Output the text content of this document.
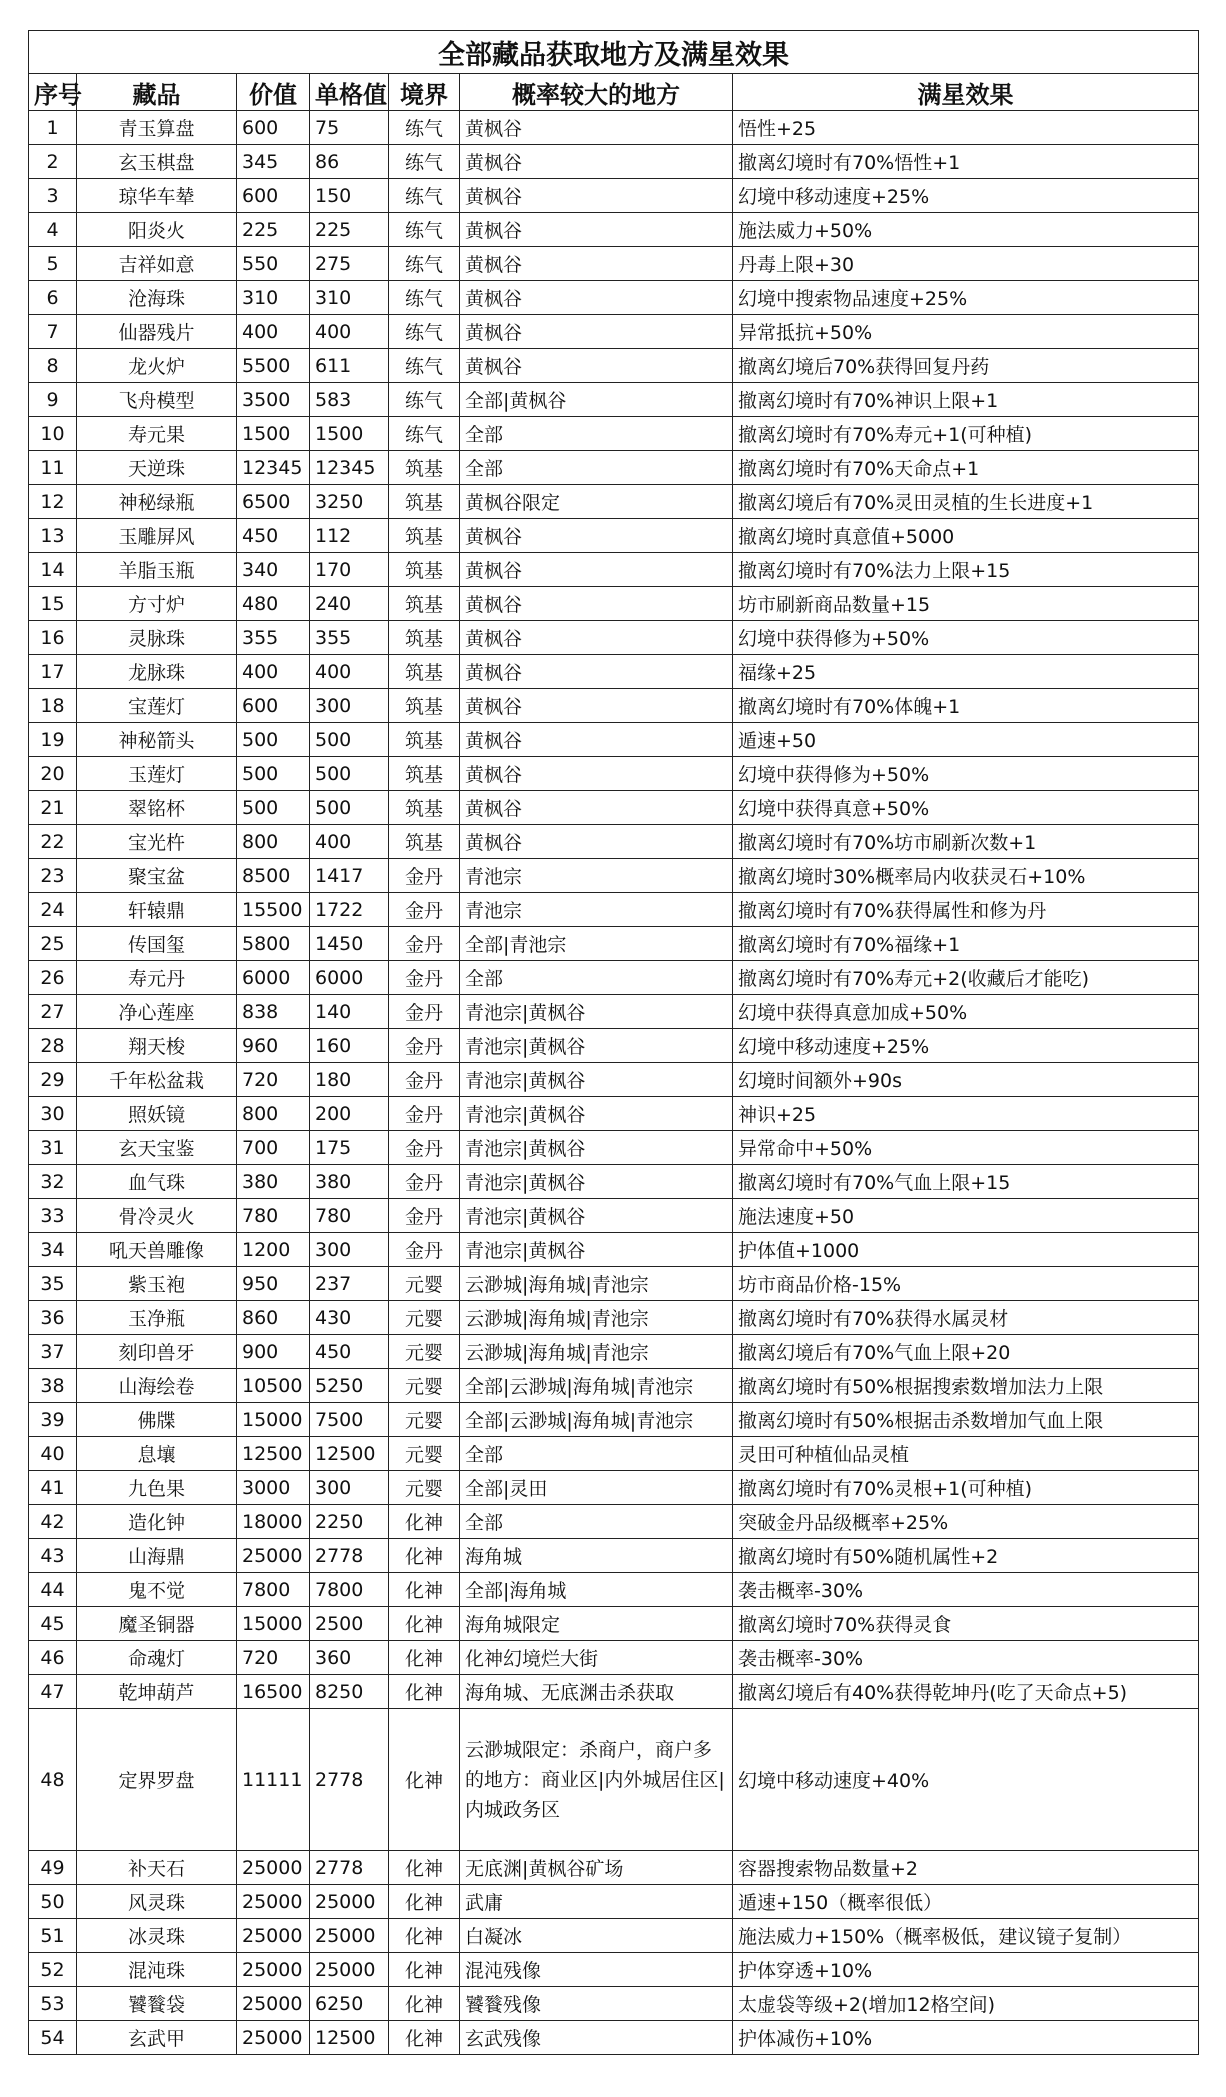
全部藏品获取地方及满星效果						
序号	藏品	价值	单格值	境界	概率较大的地方	满星效果
1	青玉算盘	600	75	练气	黄枫谷	悟性+25
2	玄玉棋盘	345	86	练气	黄枫谷	撤离幻境时有70%悟性+1
3	琼华车辇	600	150	练气	黄枫谷	幻境中移动速度+25%
4	阳炎火	225	225	练气	黄枫谷	施法威力+50%
5	吉祥如意	550	275	练气	黄枫谷	丹毒上限+30
6	沧海珠	310	310	练气	黄枫谷	幻境中搜索物品速度+25%
7	仙器残片	400	400	练气	黄枫谷	异常抵抗+50%
8	龙火炉	5500	611	练气	黄枫谷	撤离幻境后70%获得回复丹药
9	飞舟模型	3500	583	练气	全部|黄枫谷	撤离幻境时有70%神识上限+1
10	寿元果	1500	1500	练气	全部	撤离幻境时有70%寿元+1(可种植)
11	天逆珠	12345	12345	筑基	全部	撤离幻境时有70%天命点+1
12	神秘绿瓶	6500	3250	筑基	黄枫谷限定	撤离幻境后有70%灵田灵植的生长进度+1
13	玉雕屏风	450	112	筑基	黄枫谷	撤离幻境时真意值+5000
14	羊脂玉瓶	340	170	筑基	黄枫谷	撤离幻境时有70%法力上限+15
15	方寸炉	480	240	筑基	黄枫谷	坊市刷新商品数量+15
16	灵脉珠	355	355	筑基	黄枫谷	幻境中获得修为+50%
17	龙脉珠	400	400	筑基	黄枫谷	福缘+25
18	宝莲灯	600	300	筑基	黄枫谷	撤离幻境时有70%体魄+1
19	神秘箭头	500	500	筑基	黄枫谷	遁速+50
20	玉莲灯	500	500	筑基	黄枫谷	幻境中获得修为+50%
21	翠铭杯	500	500	筑基	黄枫谷	幻境中获得真意+50%
22	宝光杵	800	400	筑基	黄枫谷	撤离幻境时有70%坊市刷新次数+1
23	聚宝盆	8500	1417	金丹	青池宗	撤离幻境时30%概率局内收获灵石+10%
24	轩辕鼎	15500	1722	金丹	青池宗	撤离幻境时有70%获得属性和修为丹
25	传国玺	5800	1450	金丹	全部|青池宗	撤离幻境时有70%福缘+1
26	寿元丹	6000	6000	金丹	全部	撤离幻境时有70%寿元+2(收藏后才能吃)
27	净心莲座	838	140	金丹	青池宗|黄枫谷	幻境中获得真意加成+50%
28	翔天梭	960	160	金丹	青池宗|黄枫谷	幻境中移动速度+25%
29	千年松盆栽	720	180	金丹	青池宗|黄枫谷	幻境时间额外+90s
30	照妖镜	800	200	金丹	青池宗|黄枫谷	神识+25
31	玄天宝鉴	700	175	金丹	青池宗|黄枫谷	异常命中+50%
32	血气珠	380	380	金丹	青池宗|黄枫谷	撤离幻境时有70%气血上限+15
33	骨冷灵火	780	780	金丹	青池宗|黄枫谷	施法速度+50
34	吼天兽雕像	1200	300	金丹	青池宗|黄枫谷	护体值+1000
35	紫玉袍	950	237	元婴	云渺城|海角城|青池宗	坊市商品价格-15%
36	玉净瓶	860	430	元婴	云渺城|海角城|青池宗	撤离幻境时有70%获得水属灵材
37	刻印兽牙	900	450	元婴	云渺城|海角城|青池宗	撤离幻境后有70%气血上限+20
38	山海绘卷	10500	5250	元婴	全部|云渺城|海角城|青池宗	撤离幻境时有50%根据搜索数增加法力上限
39	佛牒	15000	7500	元婴	全部|云渺城|海角城|青池宗	撤离幻境时有50%根据击杀数增加气血上限
40	息壤	12500	12500	元婴	全部	灵田可种植仙品灵植
41	九色果	3000	300	元婴	全部|灵田	撤离幻境时有70%灵根+1(可种植)
42	造化钟	18000	2250	化神	全部	突破金丹品级概率+25%
43	山海鼎	25000	2778	化神	海角城	撤离幻境时有50%随机属性+2
44	鬼不觉	7800	7800	化神	全部|海角城	袭击概率-30%
45	魔圣铜器	15000	2500	化神	海角城限定	撤离幻境时70%获得灵食
46	命魂灯	720	360	化神	化神幻境烂大街	袭击概率-30%
47	乾坤葫芦	16500	8250	化神	海角城、无底渊击杀获取	撤离幻境后有40%获得乾坤丹(吃了天命点+5)
48	定界罗盘	11111	2778	化神	云渺城限定：杀商户，商户多的地方：商业区|内外城居住区|内城政务区	幻境中移动速度+40%
49	补天石	25000	2778	化神	无底渊|黄枫谷矿场	容器搜索物品数量+2
50	风灵珠	25000	25000	化神	武庸	遁速+150（概率很低）
51	冰灵珠	25000	25000	化神	白凝冰	施法威力+150%（概率极低，建议镜子复制）
52	混沌珠	25000	25000	化神	混沌残像	护体穿透+10%
53	饕餮袋	25000	6250	化神	饕餮残像	太虚袋等级+2(增加12格空间)
54	玄武甲	25000	12500	化神	玄武残像	护体减伤+10%
